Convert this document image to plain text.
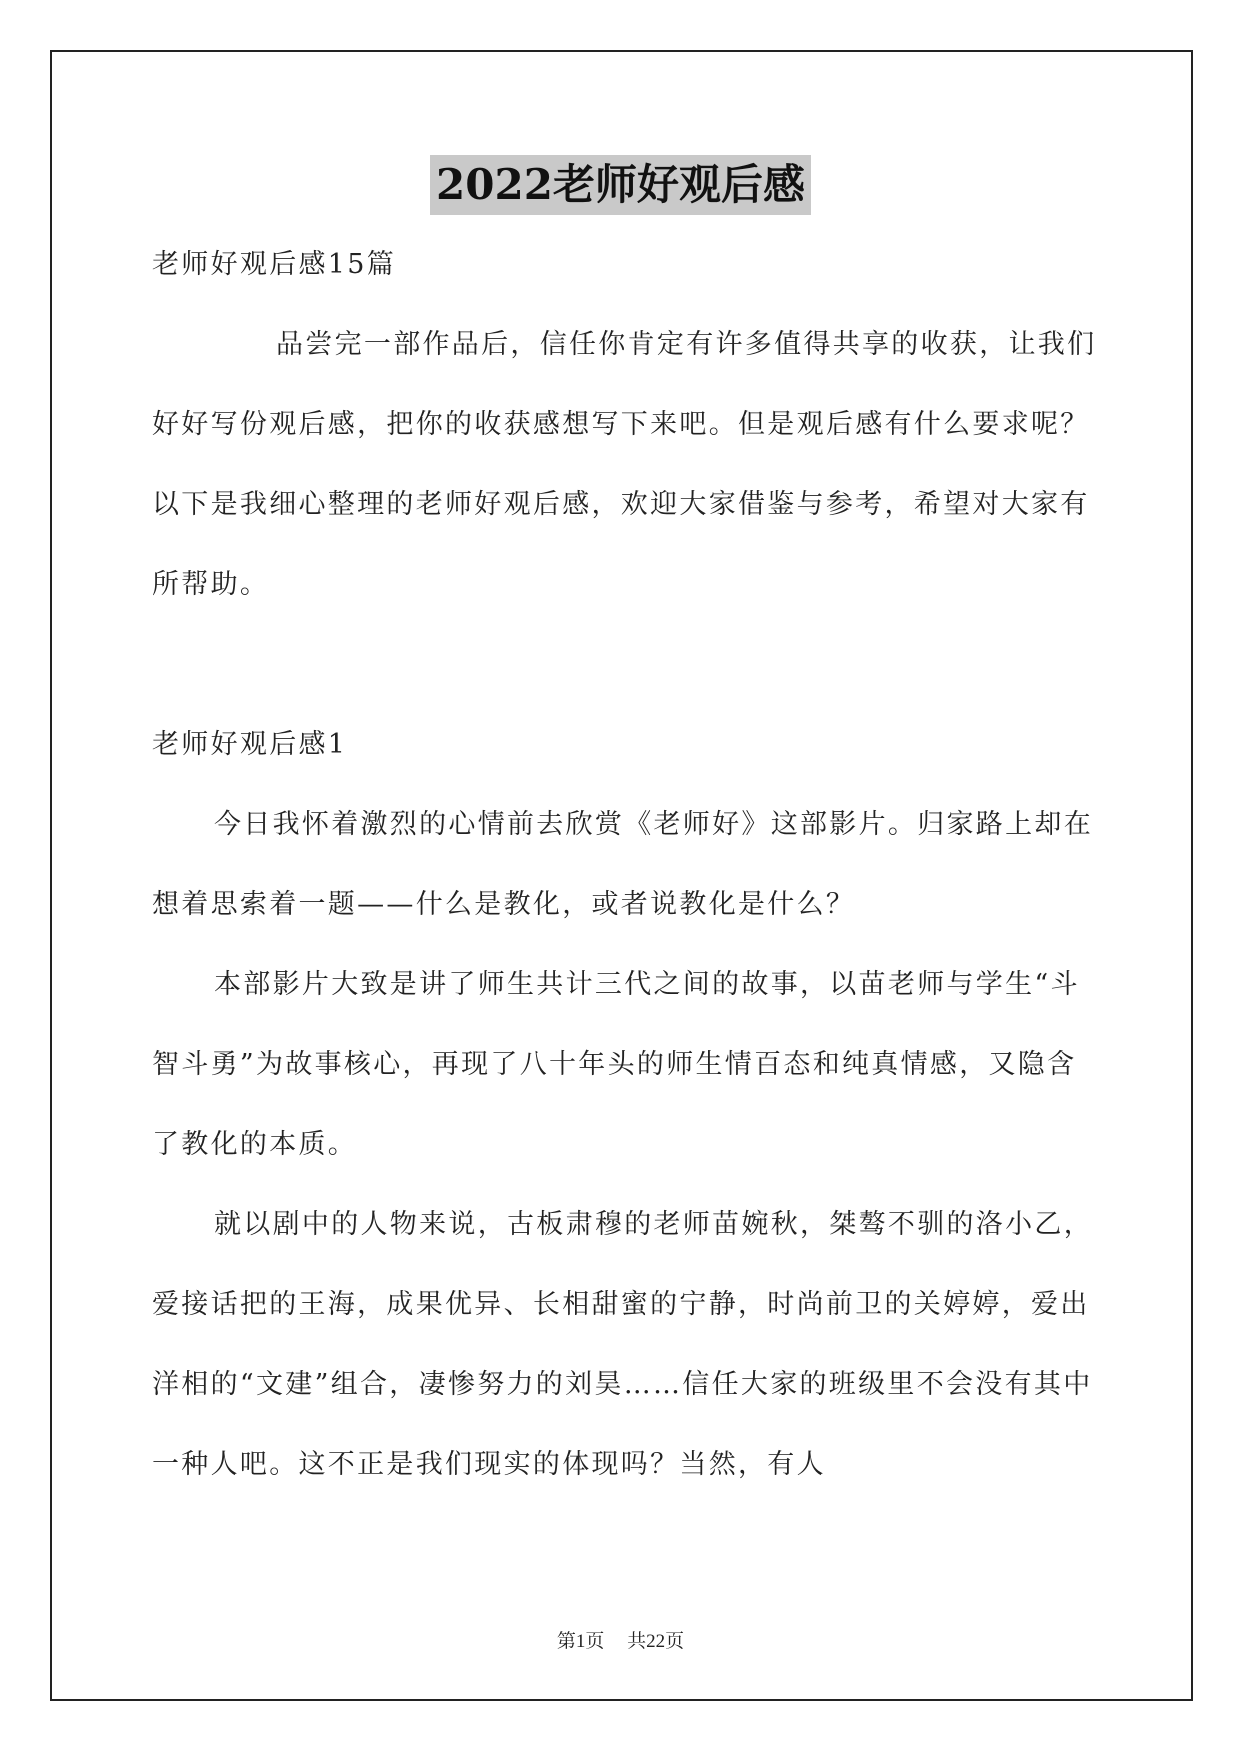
2022老师好观后感

老师好观后感15篇

品尝完一部作品后，信任你肯定有许多值得共享的收获，让我们好好写份观后感，把你的收获感想写下来吧。但是观后感有什么要求呢？以下是我细心整理的老师好观后感，欢迎大家借鉴与参考，希望对大家有所帮助。

老师好观后感1

今日我怀着激烈的心情前去欣赏《老师好》这部影片。归家路上却在想着思索着一题——什么是教化，或者说教化是什么？

本部影片大致是讲了师生共计三代之间的故事，以苗老师与学生“斗智斗勇”为故事核心，再现了八十年头的师生情百态和纯真情感，又隐含了教化的本质。

就以剧中的人物来说，古板肃穆的老师苗婉秋，桀骜不驯的洛小乙，爱接话把的王海，成果优异、长相甜蜜的宁静，时尚前卫的关婷婷，爱出洋相的“文建”组合，凄惨努力的刘昊……信任大家的班级里不会没有其中一种人吧。这不正是我们现实的体现吗？当然，有人

第1页 共22页
